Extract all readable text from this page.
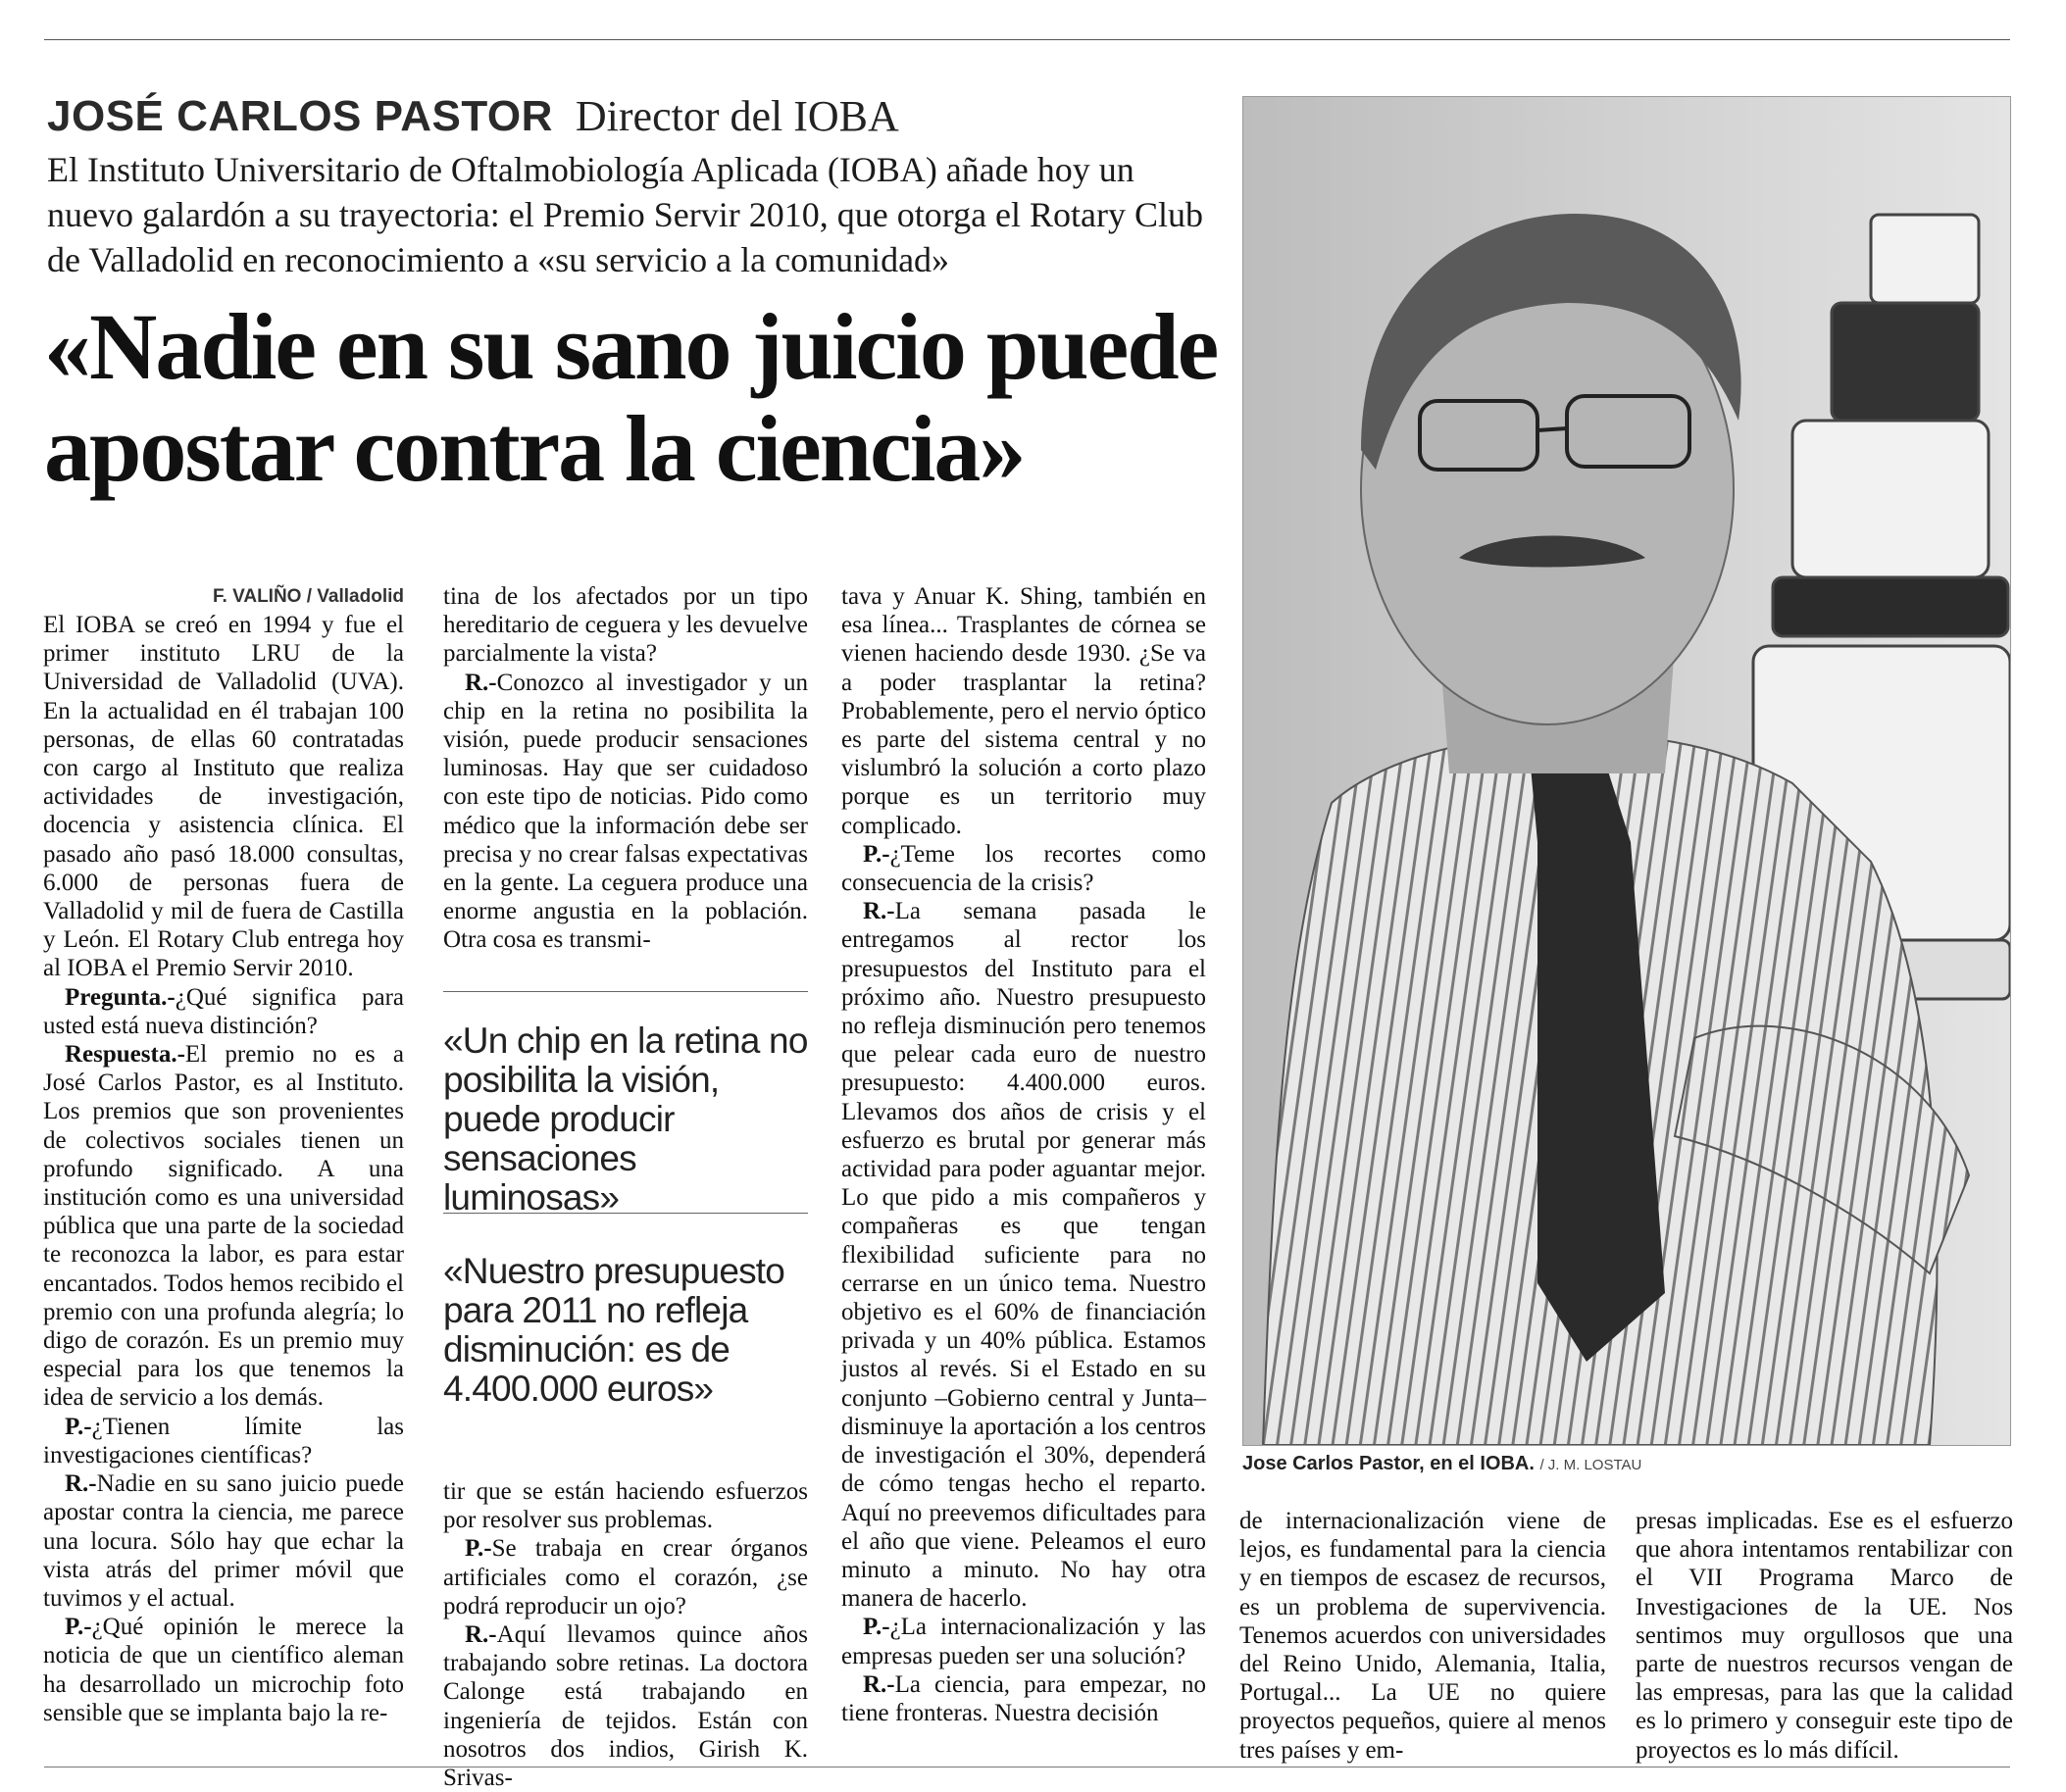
JOSÉ CARLOS PASTOR Director del IOBA
El Instituto Universitario de Oftalmobiología Aplicada (IOBA) añade hoy un nuevo galardón a su trayectoria: el Premio Servir 2010, que otorga el Rotary Club de Valladolid en reconocimiento a «su servicio a la comunidad»
«Nadie en su sano juicio puede apostar contra la ciencia»
F. VALIÑO / Valladolid

El IOBA se creó en 1994 y fue el primer instituto LRU de la Universidad de Valladolid (UVA). En la actualidad en él trabajan 100 personas, de ellas 60 contratadas con cargo al Instituto que realiza actividades de investigación, docencia y asistencia clínica. El pasado año pasó 18.000 consultas, 6.000 de personas fuera de Valladolid y mil de fuera de Castilla y León. El Rotary Club entrega hoy al IOBA el Premio Servir 2010.

Pregunta.-¿Qué significa para usted está nueva distinción?

Respuesta.-El premio no es a José Carlos Pastor, es al Instituto. Los premios que son provenientes de colectivos sociales tienen un profundo significado. A una institución como es una universidad pública que una parte de la sociedad te reconozca la labor, es para estar encantados. Todos hemos recibido el premio con una profunda alegría; lo digo de corazón. Es un premio muy especial para los que tenemos la idea de servicio a los demás.

P.-¿Tienen límite las investigaciones científicas?

R.-Nadie en su sano juicio puede apostar contra la ciencia, me parece una locura. Sólo hay que echar la vista atrás del primer móvil que tuvimos y el actual.

P.-¿Qué opinión le merece la noticia de que un científico aleman ha desarrollado un microchip foto sensible que se implanta bajo la re-

tina de los afectados por un tipo hereditario de ceguera y les devuelve parcialmente la vista?

R.-Conozco al investigador y un chip en la retina no posibilita la visión, puede producir sensaciones luminosas. Hay que ser cuidadoso con este tipo de noticias. Pido como médico que la información debe ser precisa y no crear falsas expectativas en la gente. La ceguera produce una enorme angustia en la población. Otra cosa es transmi-

«Un chip en la retina no posibilita la visión, puede producir sensaciones luminosas»
«Nuestro presupuesto para 2011 no refleja disminución: es de 4.400.000 euros»

tir que se están haciendo esfuerzos por resolver sus problemas.

P.-Se trabaja en crear órganos artificiales como el corazón, ¿se podrá reproducir un ojo?

R.-Aquí llevamos quince años trabajando sobre retinas. La doctora Calonge está trabajando en ingeniería de tejidos. Están con nosotros dos indios, Girish K. Srivas-

tava y Anuar K. Shing, también en esa línea... Trasplantes de córnea se vienen haciendo desde 1930. ¿Se va a poder trasplantar la retina? Probablemente, pero el nervio óptico es parte del sistema central y no vislumbró la solución a corto plazo porque es un territorio muy complicado.

P.-¿Teme los recortes como consecuencia de la crisis?

R.-La semana pasada le entregamos al rector los presupuestos del Instituto para el próximo año. Nuestro presupuesto no refleja disminución pero tenemos que pelear cada euro de nuestro presupuesto: 4.400.000 euros. Llevamos dos años de crisis y el esfuerzo es brutal por generar más actividad para poder aguantar mejor. Lo que pido a mis compañeros y compañeras es que tengan flexibilidad suficiente para no cerrarse en un único tema. Nuestro objetivo es el 60% de financiación privada y un 40% pública. Estamos justos al revés. Si el Estado en su conjunto –Gobierno central y Junta– disminuye la aportación a los centros de investigación el 30%, dependerá de cómo tengas hecho el reparto. Aquí no preevemos dificultades para el año que viene. Peleamos el euro minuto a minuto. No hay otra manera de hacerlo.

P.-¿La internacionalización y las empresas pueden ser una solución?

R.-La ciencia, para empezar, no tiene fronteras. Nuestra decisión

Jose Carlos Pastor, en el IOBA. / J. M. LOSTAU

de internacionalización viene de lejos, es fundamental para la ciencia y en tiempos de escasez de recursos, es un problema de supervivencia. Tenemos acuerdos con universidades del Reino Unido, Alemania, Italia, Portugal... La UE no quiere proyectos pequeños, quiere al menos tres países y em-

presas implicadas. Ese es el esfuerzo que ahora intentamos rentabilizar con el VII Programa Marco de Investigaciones de la UE. Nos sentimos muy orgullosos que una parte de nuestros recursos vengan de las empresas, para las que la calidad es lo primero y conseguir este tipo de proyectos es lo más difícil.
